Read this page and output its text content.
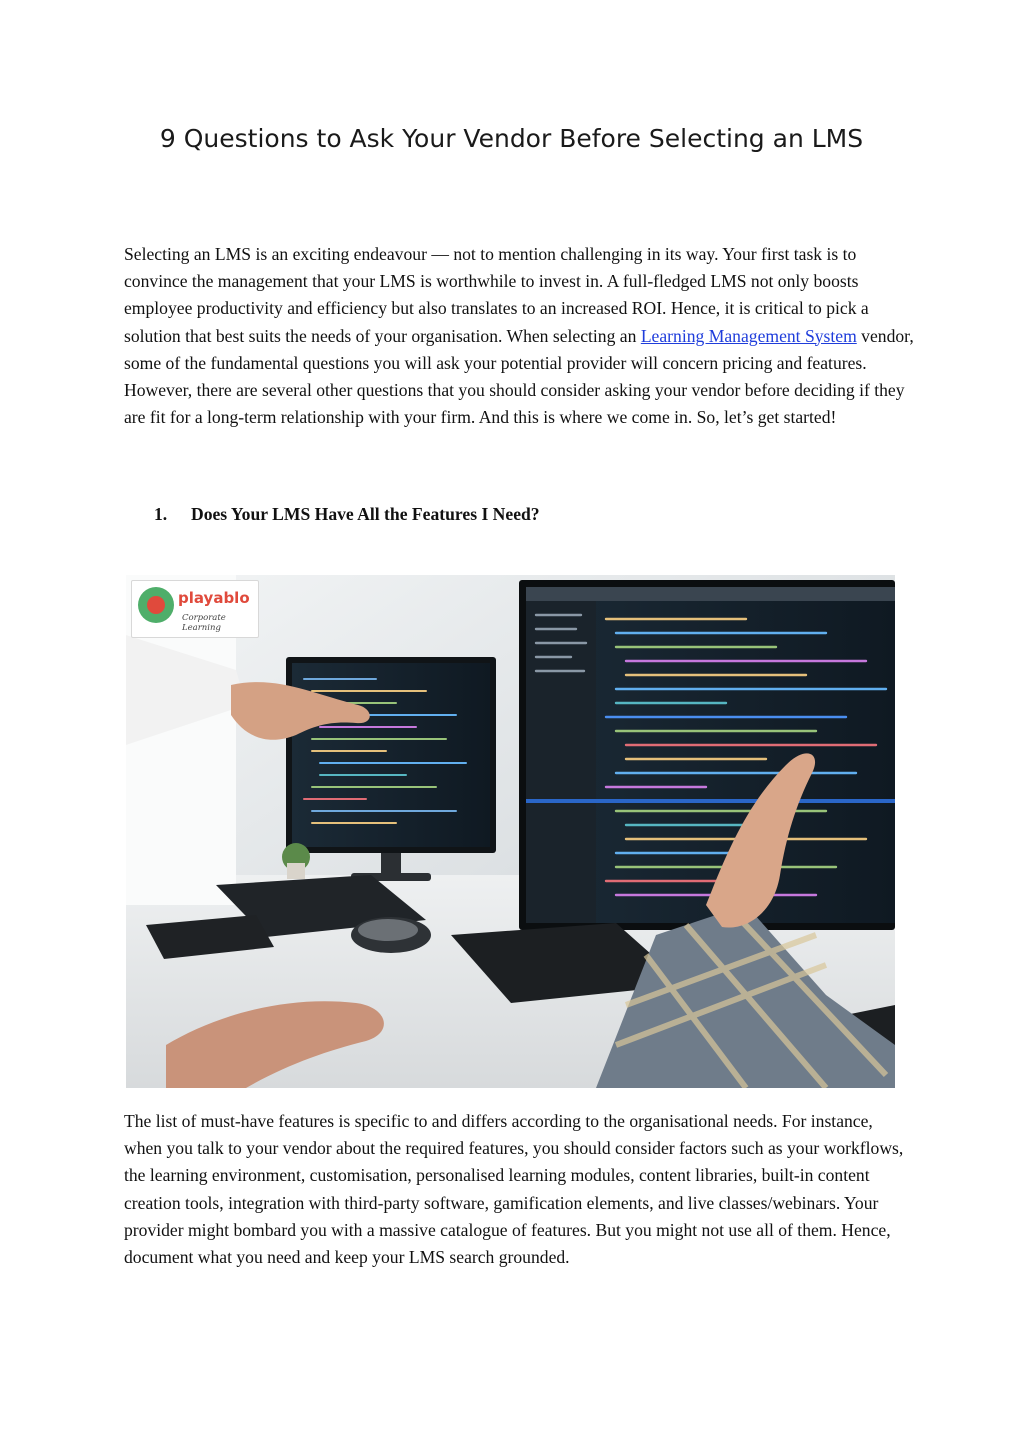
9 Questions to Ask Your Vendor Before Selecting an LMS

Selecting an LMS is an exciting endeavour — not to mention challenging in its way. Your first task is to convince the management that your LMS is worthwhile to invest in. A full-fledged LMS not only boosts employee productivity and efficiency but also translates to an increased ROI. Hence, it is critical to pick a solution that best suits the needs of your organisation. When selecting an Learning Management System vendor, some of the fundamental questions you will ask your potential provider will concern pricing and features. However, there are several other questions that you should consider asking your vendor before deciding if they are fit for a long-term relationship with your firm. And this is where we come in. So, let’s get started!

1. Does Your LMS Have All the Features I Need?
playablo
Corporate Learning

The list of must-have features is specific to and differs according to the organisational needs. For instance, when you talk to your vendor about the required features, you should consider factors such as your workflows, the learning environment, customisation, personalised learning modules, content libraries, built-in content creation tools, integration with third-party software, gamification elements, and live classes/webinars. Your provider might bombard you with a massive catalogue of features. But you might not use all of them. Hence, document what you need and keep your LMS search grounded.
